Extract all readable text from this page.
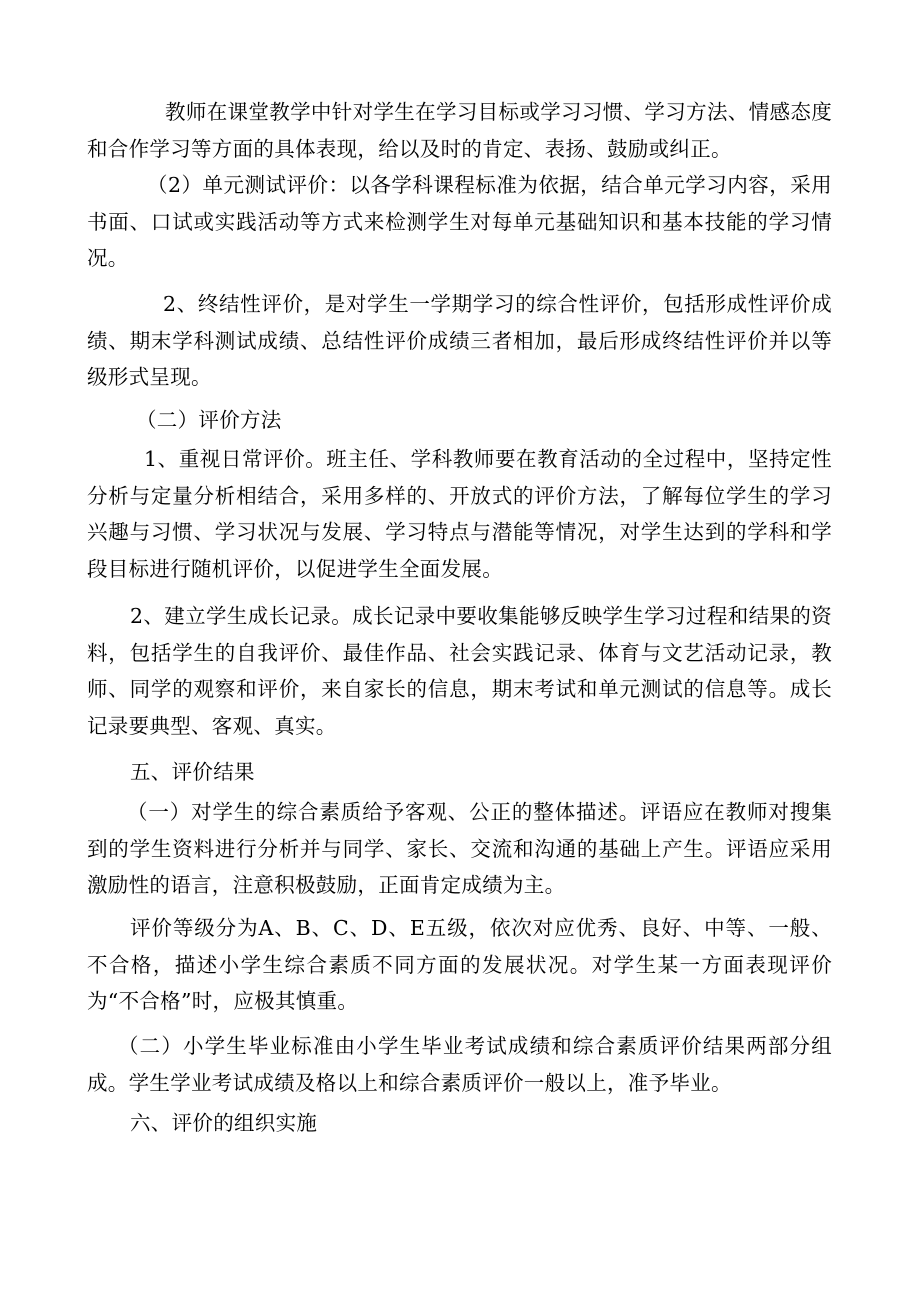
教师在课堂教学中针对学生在学习目标或学习习惯、学习方法、情感态度和合作学习等方面的具体表现，给以及时的肯定、表扬、鼓励或纠正。

（2）单元测试评价：以各学科课程标准为依据，结合单元学习内容，采用书面、口试或实践活动等方式来检测学生对每单元基础知识和基本技能的学习情况。

2、终结性评价，是对学生一学期学习的综合性评价，包括形成性评价成绩、期末学科测试成绩、总结性评价成绩三者相加，最后形成终结性评价并以等级形式呈现。

（二）评价方法

1、重视日常评价。班主任、学科教师要在教育活动的全过程中，坚持定性分析与定量分析相结合，采用多样的、开放式的评价方法，了解每位学生的学习兴趣与习惯、学习状况与发展、学习特点与潜能等情况，对学生达到的学科和学段目标进行随机评价，以促进学生全面发展。

2、建立学生成长记录。成长记录中要收集能够反映学生学习过程和结果的资料，包括学生的自我评价、最佳作品、社会实践记录、体育与文艺活动记录，教师、同学的观察和评价，来自家长的信息，期末考试和单元测试的信息等。成长记录要典型、客观、真实。

五、评价结果

（一）对学生的综合素质给予客观、公正的整体描述。评语应在教师对搜集到的学生资料进行分析并与同学、家长、交流和沟通的基础上产生。评语应采用激励性的语言，注意积极鼓励，正面肯定成绩为主。

评价等级分为A、B、C、D、E五级，依次对应优秀、良好、中等、一般、不合格，描述小学生综合素质不同方面的发展状况。对学生某一方面表现评价为“不合格”时，应极其慎重。

（二）小学生毕业标准由小学生毕业考试成绩和综合素质评价结果两部分组成。学生学业考试成绩及格以上和综合素质评价一般以上，准予毕业。

六、评价的组织实施
